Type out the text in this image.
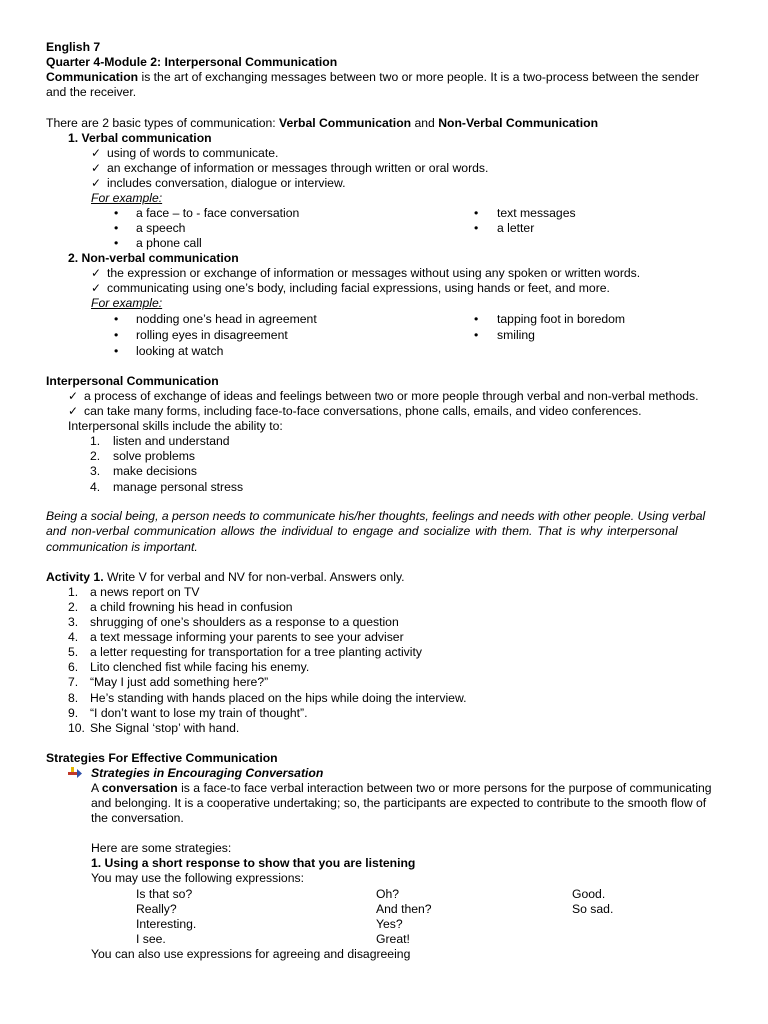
English 7
Quarter 4-Module 2: Interpersonal Communication
Communication is the art of exchanging messages between two or more people. It is a two-process between the sender
and the receiver.
There are 2 basic types of communication: Verbal Communication and Non-Verbal Communication
1. Verbal communication
✓ using of words to communicate.
✓ an exchange of information or messages through written or oral words.
✓ includes conversation, dialogue or interview.
For example:
• a face – to - face conversation
• a speech
• a phone call
• text messages
• a letter
2. Non-verbal communication
✓ the expression or exchange of information or messages without using any spoken or written words.
✓ communicating using one’s body, including facial expressions, using hands or feet, and more.
For example:
• nodding one’s head in agreement
• rolling eyes in disagreement
• looking at watch
• tapping foot in boredom
• smiling
Interpersonal Communication
✓ a process of exchange of ideas and feelings between two or more people through verbal and non-verbal methods.
✓ can take many forms, including face-to-face conversations, phone calls, emails, and video conferences.
Interpersonal skills include the ability to:
1. listen and understand
2. solve problems
3. make decisions
4. manage personal stress
Being a social being, a person needs to communicate his/her thoughts, feelings and needs with other people. Using verbal
and non-verbal communication allows the individual to engage and socialize with them. That is why interpersonal
communication is important.
Activity 1. Write V for verbal and NV for non-verbal. Answers only.
1. a news report on TV
2. a child frowning his head in confusion
3. shrugging of one’s shoulders as a response to a question
4. a text message informing your parents to see your adviser
5. a letter requesting for transportation for a tree planting activity
6. Lito clenched fist while facing his enemy.
7. “May I just add something here?”
8. He’s standing with hands placed on the hips while doing the interview.
9. “I don’t want to lose my train of thought”.
10. She Signal ‘stop’ with hand.
Strategies For Effective Communication
Strategies in Encouraging Conversation
A conversation is a face-to face verbal interaction between two or more persons for the purpose of communicating
and belonging. It is a cooperative undertaking; so, the participants are expected to contribute to the smooth flow of
the conversation.
Here are some strategies:
1. Using a short response to show that you are listening
You may use the following expressions:
Is that so?
Really?
Interesting.
I see.
Oh?
And then?
Yes?
Great!
Good.
So sad.
You can also use expressions for agreeing and disagreeing
